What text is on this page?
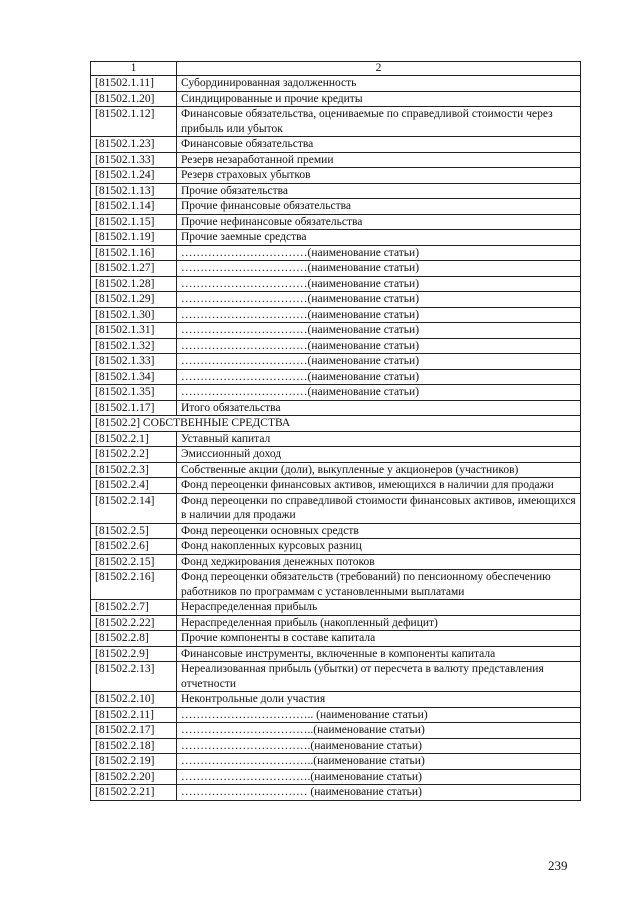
1	2
[81502.1.11]	Субординированная задолженность
[81502.1.20]	Синдицированные и прочие кредиты
[81502.1.12]	Финансовые обязательства, оцениваемые по справедливой стоимости через прибыль или убыток
[81502.1.23]	Финансовые обязательства
[81502.1.33]	Резерв незаработанной премии
[81502.1.24]	Резерв страховых убытков
[81502.1.13]	Прочие обязательства
[81502.1.14]	Прочие финансовые обязательства
[81502.1.15]	Прочие нефинансовые обязательства
[81502.1.19]	Прочие заемные средства
[81502.1.16]	……………………………(наименование статьи)
[81502.1.27]	……………………………(наименование статьи)
[81502.1.28]	……………………………(наименование статьи)
[81502.1.29]	……………………………(наименование статьи)
[81502.1.30]	……………………………(наименование статьи)
[81502.1.31]	……………………………(наименование статьи)
[81502.1.32]	……………………………(наименование статьи)
[81502.1.33]	……………………………(наименование статьи)
[81502.1.34]	……………………………(наименование статьи)
[81502.1.35]	……………………………(наименование статьи)
[81502.1.17]	Итого обязательства
[81502.2] СОБСТВЕННЫЕ СРЕДСТВА	
[81502.2.1]	Уставный капитал
[81502.2.2]	Эмиссионный доход
[81502.2.3]	Собственные акции (доли), выкупленные у акционеров (участников)
[81502.2.4]	Фонд переоценки финансовых активов, имеющихся в наличии для продажи
[81502.2.14]	Фонд переоценки по справедливой стоимости финансовых активов, имеющихся в наличии для продажи
[81502.2.5]	Фонд переоценки основных средств
[81502.2.6]	Фонд накопленных курсовых разниц
[81502.2.15]	Фонд хеджирования денежных потоков
[81502.2.16]	Фонд переоценки обязательств (требований) по пенсионному обеспечению работников по программам с установленными выплатами
[81502.2.7]	Нераспределенная прибыль
[81502.2.22]	Нераспределенная прибыль (накопленный дефицит)
[81502.2.8]	Прочие компоненты в составе капитала
[81502.2.9]	Финансовые инструменты, включенные в компоненты капитала
[81502.2.13]	Нереализованная прибыль (убытки) от пересчета в валюту представления отчетности
[81502.2.10]	Неконтрольные доли участия
[81502.2.11]	…………………………….. (наименование статьи)
[81502.2.17]	……………………………..(наименование статьи)
[81502.2.18]	…………………………….(наименование статьи)
[81502.2.19]	……………………………..(наименование статьи)
[81502.2.20]	…………………………….(наименование статьи)
[81502.2.21]	…………………………… (наименование статьи)
239
